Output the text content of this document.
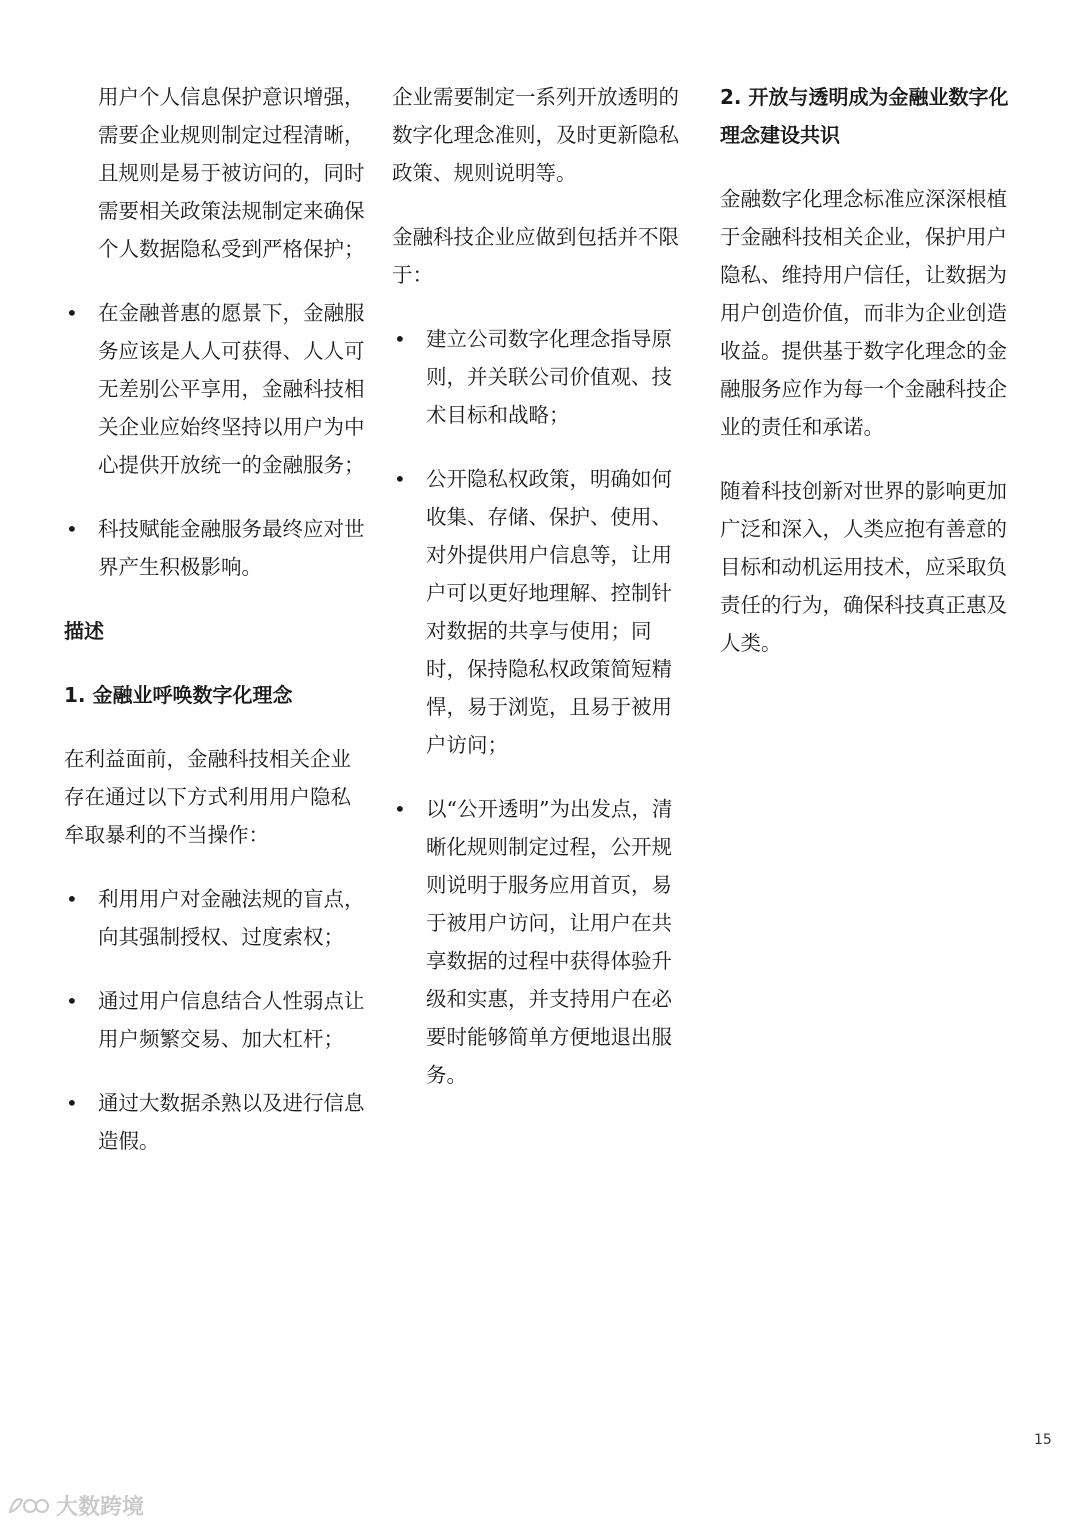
用户个人信息保护意识增强，需要企业规则制定过程清晰，且规则是易于被访问的，同时需要相关政策法规制定来确保个人数据隐私受到严格保护；

• 在金融普惠的愿景下，金融服务应该是人人可获得、人人可无差别公平享用，金融科技相关企业应始终坚持以用户为中心提供开放统一的金融服务；

• 科技赋能金融服务最终应对世界产生积极影响。

描述
1. 金融业呼唤数字化理念

在利益面前，金融科技相关企业存在通过以下方式利用用户隐私牟取暴利的不当操作：

• 利用用户对金融法规的盲点，向其强制授权、过度索权；

• 通过用户信息结合人性弱点让用户频繁交易、加大杠杆；

• 通过大数据杀熟以及进行信息造假。

企业需要制定一系列开放透明的数字化理念准则，及时更新隐私政策、规则说明等。

金融科技企业应做到包括并不限于：

• 建立公司数字化理念指导原则，并关联公司价值观、技术目标和战略；

• 公开隐私权政策，明确如何收集、存储、保护、使用、对外提供用户信息等，让用户可以更好地理解、控制针对数据的共享与使用；同时，保持隐私权政策简短精悍，易于浏览，且易于被用户访问；

• 以“公开透明”为出发点，清晰化规则制定过程，公开规则说明于服务应用首页，易于被用户访问，让用户在共享数据的过程中获得体验升级和实惠，并支持用户在必要时能够简单方便地退出服务。

2. 开放与透明成为金融业数字化理念建设共识

金融数字化理念标准应深深根植于金融科技相关企业，保护用户隐私、维持用户信任，让数据为用户创造价值，而非为企业创造收益。提供基于数字化理念的金融服务应作为每一个金融科技企业的责任和承诺。

随着科技创新对世界的影响更加广泛和深入，人类应抱有善意的目标和动机运用技术，应采取负责任的行为，确保科技真正惠及人类。

15
大数跨境
